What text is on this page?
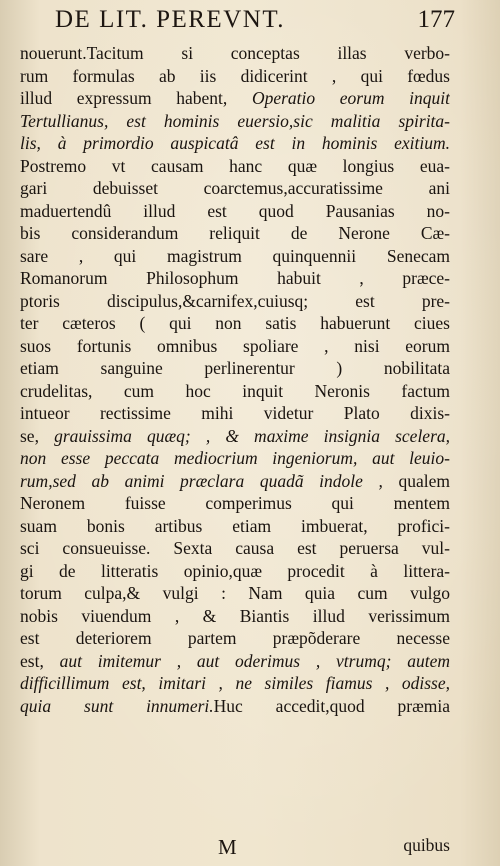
DE LIT. PEREVNT.	177
nouerunt.Tacitum si conceptas illas verbo-
rum formulas ab iis didicerint , qui fœdus
illud expressum habent, Operatio eorum inquit
Tertullianus, est hominis euersio,sic malitia spirita-
lis, à primordio auspicatâ est in hominis exitium.
Postremo vt causam hanc quæ longius eua-
gari debuisset coarctemus,accuratissime ani
maduertendû illud est quod Pausanias no-
bis considerandum reliquit de Nerone Cæ-
sare , qui magistrum quinquennii Senecam
Romanorum Philosophum habuit , præce-
ptoris discipulus,&carnifex,cuiusq; est pre-
ter cæteros ( qui non satis habuerunt ciues
suos fortunis omnibus spoliare , nisi eorum
etiam sanguine perlinerentur ) nobilitata
crudelitas, cum hoc inquit Neronis factum
intueor rectissime mihi videtur Plato dixis-
se, grauissima quæq; , & maxime insignia scelera,
non esse peccata mediocrium ingeniorum, aut leuio-
rum,sed ab animi præclara quadã indole , qualem
Neronem fuisse comperimus qui mentem
suam bonis artibus etiam imbuerat, profici-
sci consueuisse. Sexta causa est peruersa vul-
gi de litteratis opinio,quæ procedit à littera-
torum culpa,& vulgi : Nam quia cum vulgo
nobis viuendum , & Biantis illud verissimum
est deteriorem partem præpõderare necesse
est, aut imitemur , aut oderimus , vtrumq; autem
difficillimum est, imitari , ne similes fiamus , odisse,
quia sunt innumeri.Huc accedit,quod præmia
M	quibus
